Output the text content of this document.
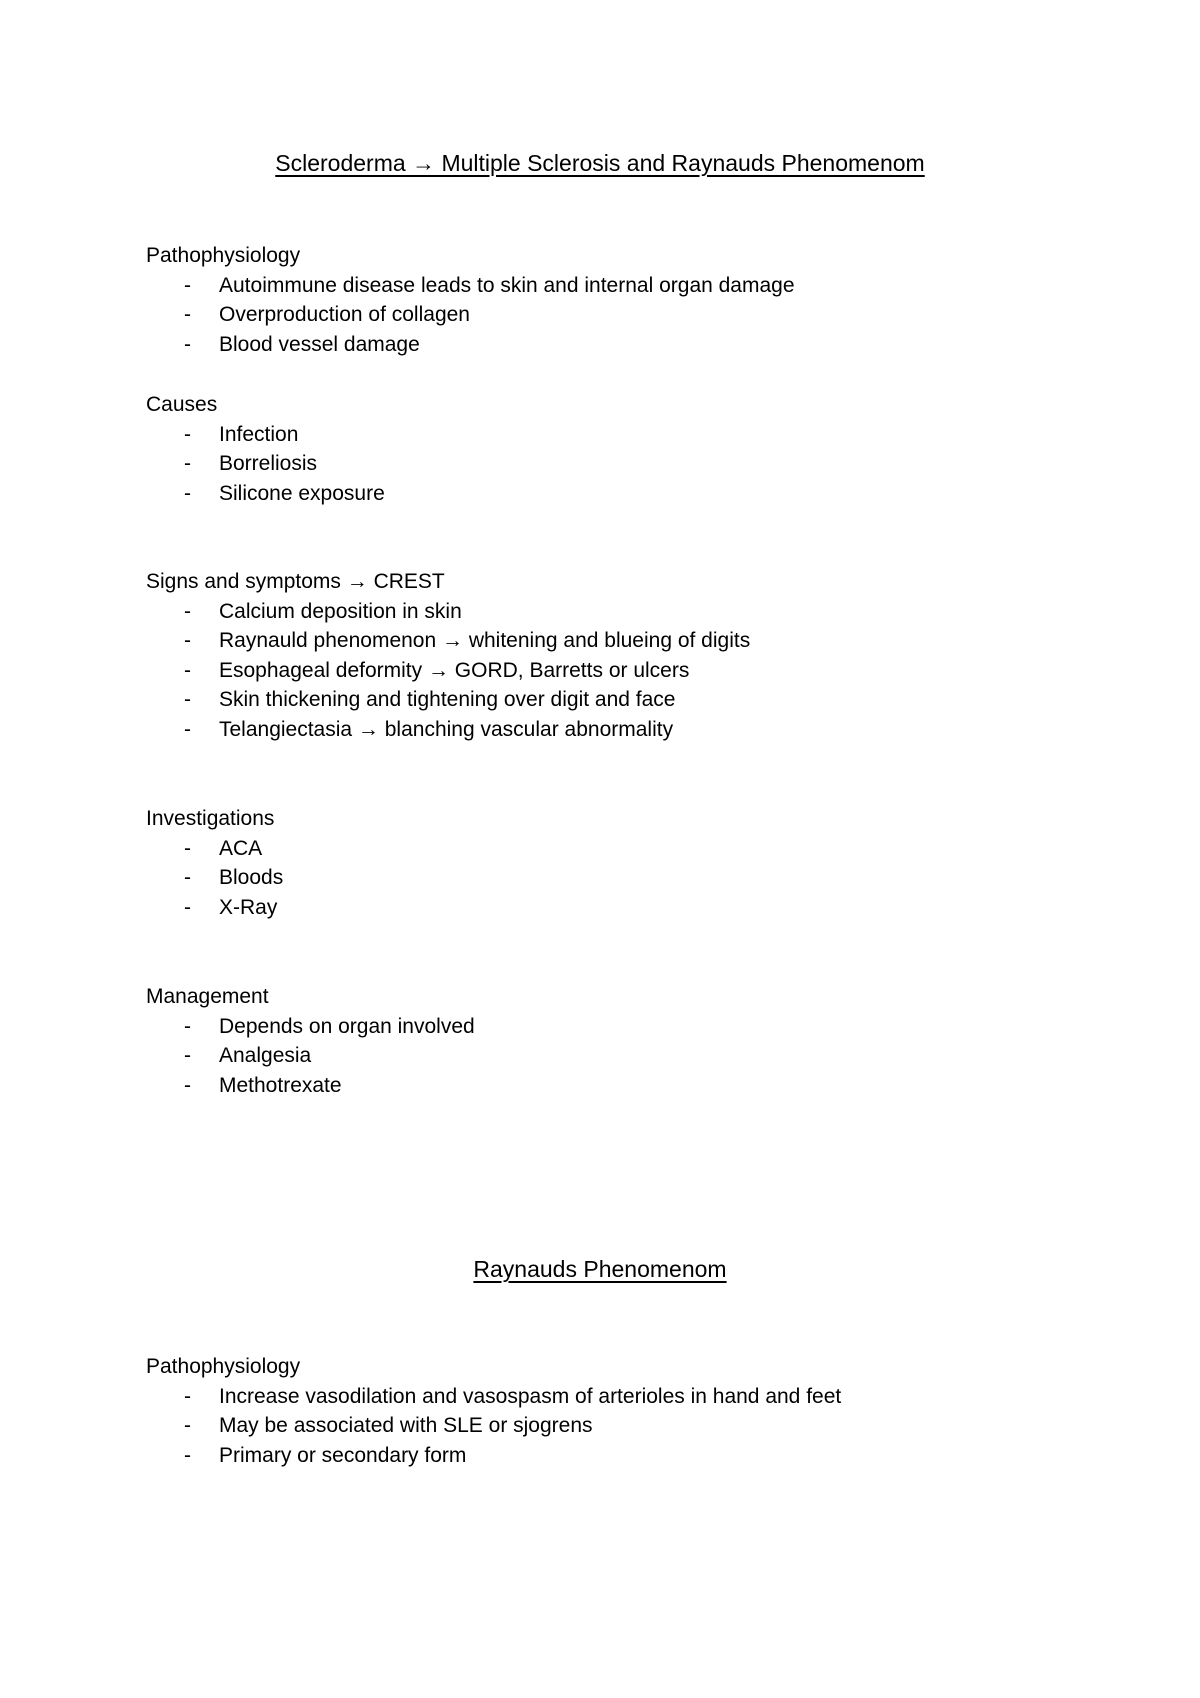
Scleroderma → Multiple Sclerosis and Raynauds Phenomenom
Pathophysiology
- Autoimmune disease leads to skin and internal organ damage
- Overproduction of collagen
- Blood vessel damage
Causes
- Infection
- Borreliosis
- Silicone exposure
Signs and symptoms → CREST
- Calcium deposition in skin
- Raynauld phenomenon → whitening and blueing of digits
- Esophageal deformity → GORD, Barretts or ulcers
- Skin thickening and tightening over digit and face
- Telangiectasia → blanching vascular abnormality
Investigations
- ACA
- Bloods
- X-Ray
Management
- Depends on organ involved
- Analgesia
- Methotrexate
Raynauds Phenomenom
Pathophysiology
- Increase vasodilation and vasospasm of arterioles in hand and feet
- May be associated with SLE or sjogrens
- Primary or secondary form
